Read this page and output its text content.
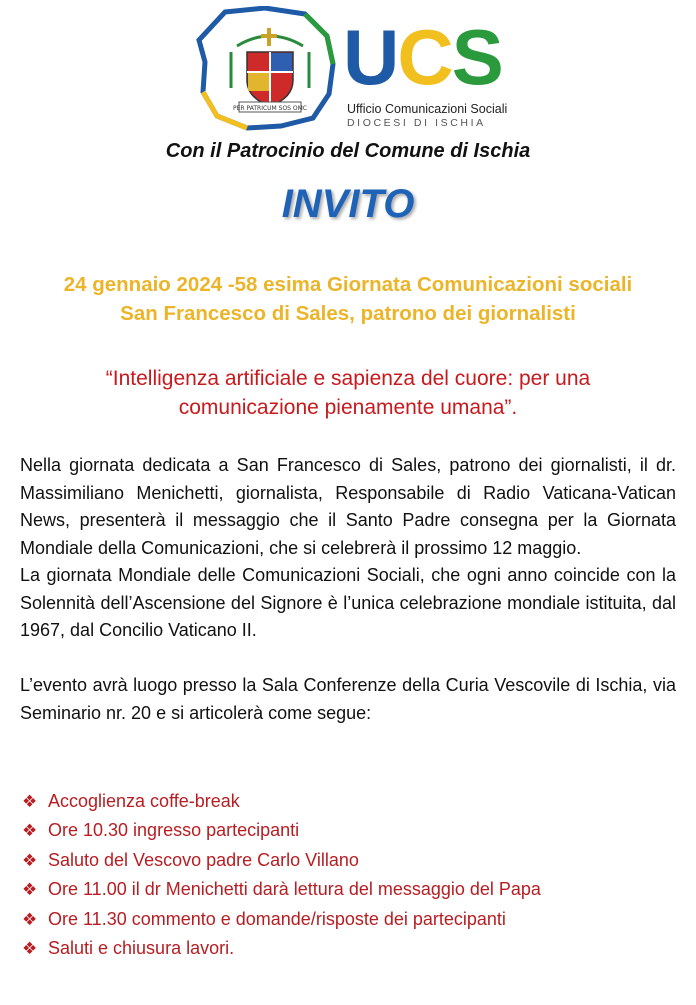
PER PATRICUM SOS OMC
UCS
Ufficio Comunicazioni Sociali
DIOCESI DI ISCHIA
Con il Patrocinio del Comune di Ischia
INVITO
24 gennaio 2024 -58 esima Giornata Comunicazioni sociali
San Francesco di Sales, patrono dei giornalisti
“Intelligenza artificiale e sapienza del cuore: per una
comunicazione pienamente umana”.

Nella giornata dedicata a San Francesco di Sales, patrono dei giornalisti, il dr. Massimiliano Menichetti, giornalista, Responsabile di Radio Vaticana-Vatican News, presenterà il messaggio che il Santo Padre consegna per la Giornata Mondiale della Comunicazioni, che si celebrerà il prossimo 12 maggio.

La giornata Mondiale delle Comunicazioni Sociali, che ogni anno coincide con la Solennità dell’Ascensione del Signore è l’unica celebrazione mondiale istituita, dal 1967, dal Concilio Vaticano II.

L’evento avrà luogo presso la Sala Conferenze della Curia Vescovile di Ischia, via Seminario nr. 20 e si articolerà come segue:

❖ Accoglienza coffe-break
❖ Ore 10.30 ingresso partecipanti
❖ Saluto del Vescovo padre Carlo Villano
❖ Ore 11.00 il dr Menichetti darà lettura del messaggio del Papa
❖ Ore 11.30 commento e domande/risposte dei partecipanti
❖ Saluti e chiusura lavori.
